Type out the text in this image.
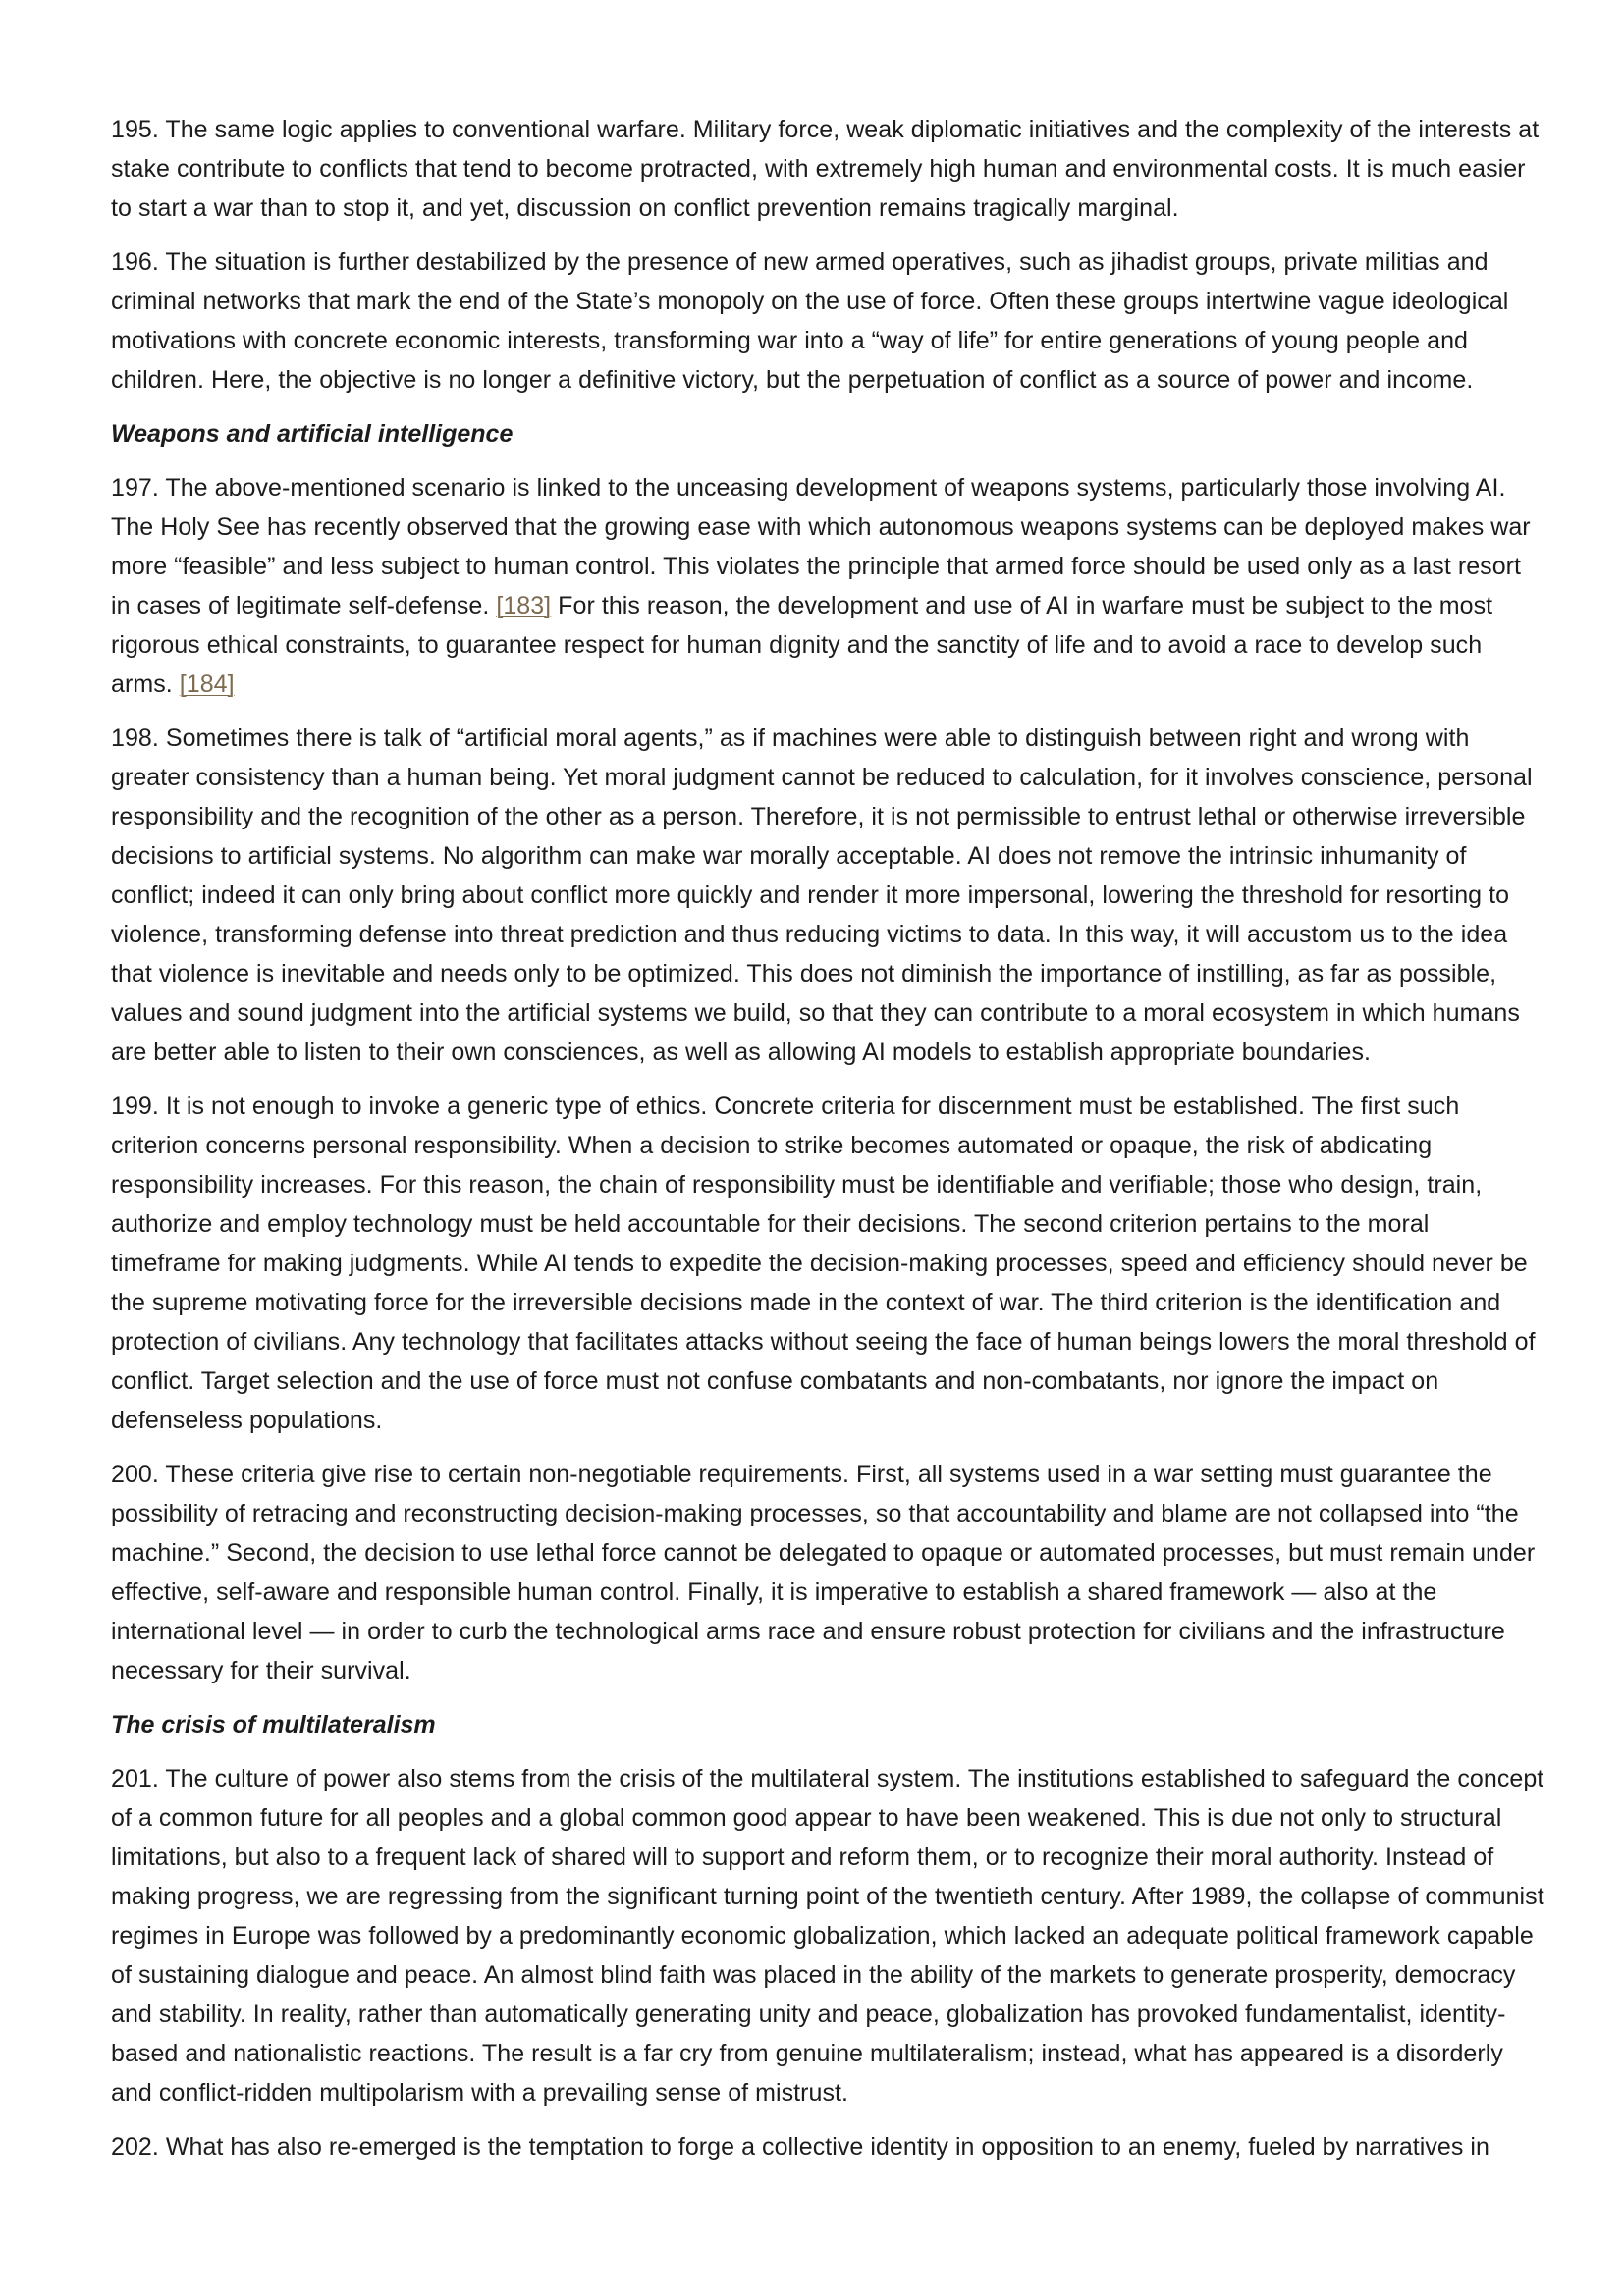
195. The same logic applies to conventional warfare. Military force, weak diplomatic initiatives and the complexity of the interests at stake contribute to conflicts that tend to become protracted, with extremely high human and environmental costs. It is much easier to start a war than to stop it, and yet, discussion on conflict prevention remains tragically marginal.

196. The situation is further destabilized by the presence of new armed operatives, such as jihadist groups, private militias and criminal networks that mark the end of the State’s monopoly on the use of force. Often these groups intertwine vague ideological motivations with concrete economic interests, transforming war into a “way of life” for entire generations of young people and children. Here, the objective is no longer a definitive victory, but the perpetuation of conflict as a source of power and income.

Weapons and artificial intelligence

197. The above-mentioned scenario is linked to the unceasing development of weapons systems, particularly those involving AI. The Holy See has recently observed that the growing ease with which autonomous weapons systems can be deployed makes war more “feasible” and less subject to human control. This violates the principle that armed force should be used only as a last resort in cases of legitimate self-defense. [183] For this reason, the development and use of AI in warfare must be subject to the most rigorous ethical constraints, to guarantee respect for human dignity and the sanctity of life and to avoid a race to develop such arms. [184]

198. Sometimes there is talk of “artificial moral agents,” as if machines were able to distinguish between right and wrong with greater consistency than a human being. Yet moral judgment cannot be reduced to calculation, for it involves conscience, personal responsibility and the recognition of the other as a person. Therefore, it is not permissible to entrust lethal or otherwise irreversible decisions to artificial systems. No algorithm can make war morally acceptable. AI does not remove the intrinsic inhumanity of conflict; indeed it can only bring about conflict more quickly and render it more impersonal, lowering the threshold for resorting to violence, transforming defense into threat prediction and thus reducing victims to data. In this way, it will accustom us to the idea that violence is inevitable and needs only to be optimized. This does not diminish the importance of instilling, as far as possible, values and sound judgment into the artificial systems we build, so that they can contribute to a moral ecosystem in which humans are better able to listen to their own consciences, as well as allowing AI models to establish appropriate boundaries.

199. It is not enough to invoke a generic type of ethics. Concrete criteria for discernment must be established. The first such criterion concerns personal responsibility. When a decision to strike becomes automated or opaque, the risk of abdicating responsibility increases. For this reason, the chain of responsibility must be identifiable and verifiable; those who design, train, authorize and employ technology must be held accountable for their decisions. The second criterion pertains to the moral timeframe for making judgments. While AI tends to expedite the decision-making processes, speed and efficiency should never be the supreme motivating force for the irreversible decisions made in the context of war. The third criterion is the identification and protection of civilians. Any technology that facilitates attacks without seeing the face of human beings lowers the moral threshold of conflict. Target selection and the use of force must not confuse combatants and non-combatants, nor ignore the impact on defenseless populations.

200. These criteria give rise to certain non-negotiable requirements. First, all systems used in a war setting must guarantee the possibility of retracing and reconstructing decision-making processes, so that accountability and blame are not collapsed into “the machine.” Second, the decision to use lethal force cannot be delegated to opaque or automated processes, but must remain under effective, self-aware and responsible human control. Finally, it is imperative to establish a shared framework — also at the international level — in order to curb the technological arms race and ensure robust protection for civilians and the infrastructure necessary for their survival.

The crisis of multilateralism

201. The culture of power also stems from the crisis of the multilateral system. The institutions established to safeguard the concept of a common future for all peoples and a global common good appear to have been weakened. This is due not only to structural limitations, but also to a frequent lack of shared will to support and reform them, or to recognize their moral authority. Instead of making progress, we are regressing from the significant turning point of the twentieth century. After 1989, the collapse of communist regimes in Europe was followed by a predominantly economic globalization, which lacked an adequate political framework capable of sustaining dialogue and peace. An almost blind faith was placed in the ability of the markets to generate prosperity, democracy and stability. In reality, rather than automatically generating unity and peace, globalization has provoked fundamentalist, identity-based and nationalistic reactions. The result is a far cry from genuine multilateralism; instead, what has appeared is a disorderly and conflict-ridden multipolarism with a prevailing sense of mistrust.

202. What has also re-emerged is the temptation to forge a collective identity in opposition to an enemy, fueled by narratives in
